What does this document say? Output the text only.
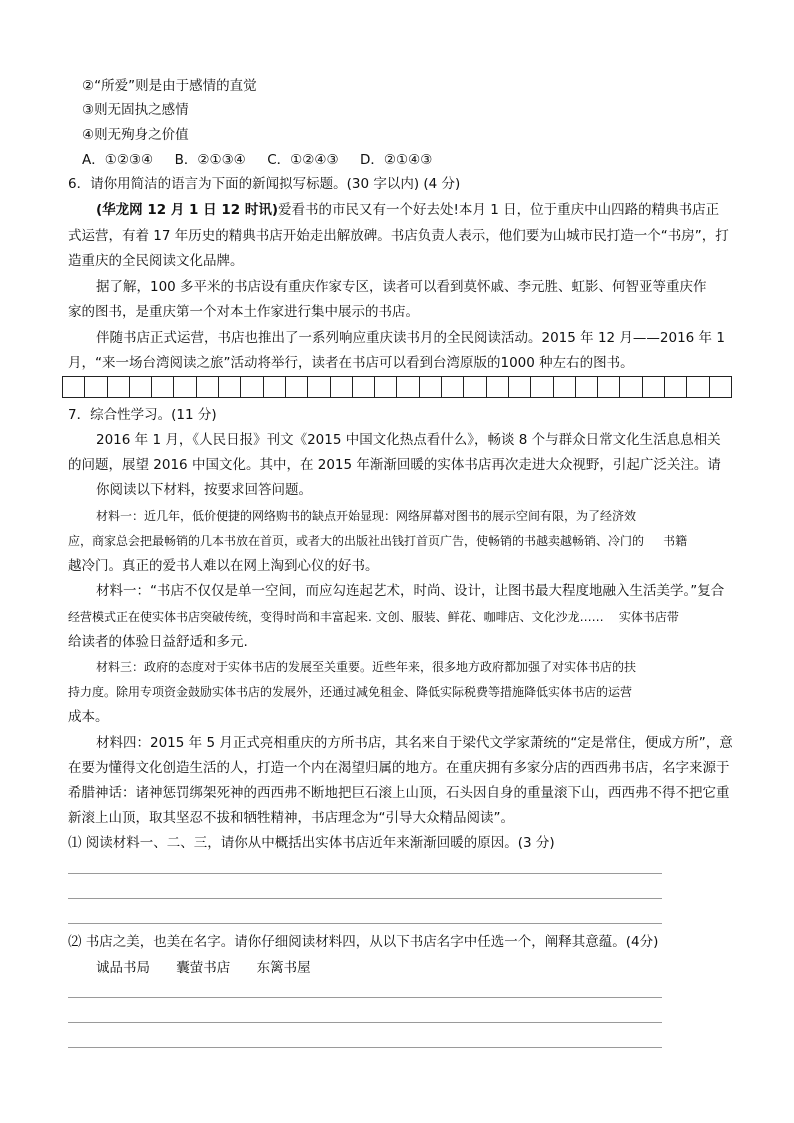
②“所爱”则是由于感情的直觉
③则无固执之感情
④则无殉身之价值
A．①②③④     B．②①③④     C．①②④③     D．②①④③
6．请你用简洁的语言为下面的新闻拟写标题。(30 字以内) (4 分)
(华龙网 12 月 1 日 12 时讯)爱看书的市民又有一个好去处!本月 1 日，位于重庆中山四路的精典书店正
式运营，有着 17 年历史的精典书店开始走出解放碑。书店负责人表示，他们要为山城市民打造一个“书房”，打
造重庆的全民阅读文化品牌。
据了解，100 多平米的书店设有重庆作家专区，读者可以看到莫怀戚、李元胜、虹影、何智亚等重庆作
家的图书，是重庆第一个对本土作家进行集中展示的书店。
伴随书店正式运营，书店也推出了一系列响应重庆读书月的全民阅读活动。2015 年 12 月——2016 年 1
月，“来一场台湾阅读之旅”活动将举行，读者在书店可以看到台湾原版的1000 种左右的图书。
7．综合性学习。(11 分)
2016 年 1 月，《人民日报》刊文《2015 中国文化热点看什么》，畅谈 8 个与群众日常文化生活息息相关
的问题，展望 2016 中国文化。其中，在 2015 年渐渐回暖的实体书店再次走进大众视野，引起广泛关注。请
你阅读以下材料，按要求回答问题。
材料一：近几年，低价便捷的网络购书的缺点开始显现：网络屏幕对图书的展示空间有限，为了经济效
应，商家总会把最畅销的几本书放在首页，或者大的出版社出钱打首页广告，使畅销的书越卖越畅销、冷门的     书籍
越冷门。真正的爱书人难以在网上淘到心仪的好书。
材料一：“书店不仅仅是单一空间，而应勾连起艺术，时尚、设计，让图书最大程度地融入生活美学。”复合
经营模式正在使实体书店突破传统，变得时尚和丰富起来. 文创、服装、鲜花、咖啡店、文化沙龙……    实体书店带
给读者的体验日益舒适和多元.
材料三：政府的态度对于实体书店的发展至关重要。近些年来，很多地方政府都加强了对实体书店的扶
持力度。除用专项资金鼓励实体书店的发展外，还通过减免租金、降低实际税费等措施降低实体书店的运营
成本。
材料四：2015 年 5 月正式亮相重庆的方所书店，其名来自于梁代文学家萧统的“定是常住，便成方所”，意
在要为懂得文化创造生活的人，打造一个内在渴望归属的地方。在重庆拥有多家分店的西西弗书店，名字来源于
希腊神话：诸神惩罚绑架死神的西西弗不断地把巨石滚上山顶，石头因自身的重量滚下山，西西弗不得不把它重
新滚上山顶，取其坚忍不拔和牺牲精神，书店理念为“引导大众精品阅读”。
⑴ 阅读材料一、二、三，请你从中概括出实体书店近年来渐渐回暖的原因。(3 分)
⑵ 书店之美，也美在名字。请你仔细阅读材料四，从以下书店名字中任选一个，阐释其意蕴。(4分)
诚品书局 囊萤书店 东篱书屋
